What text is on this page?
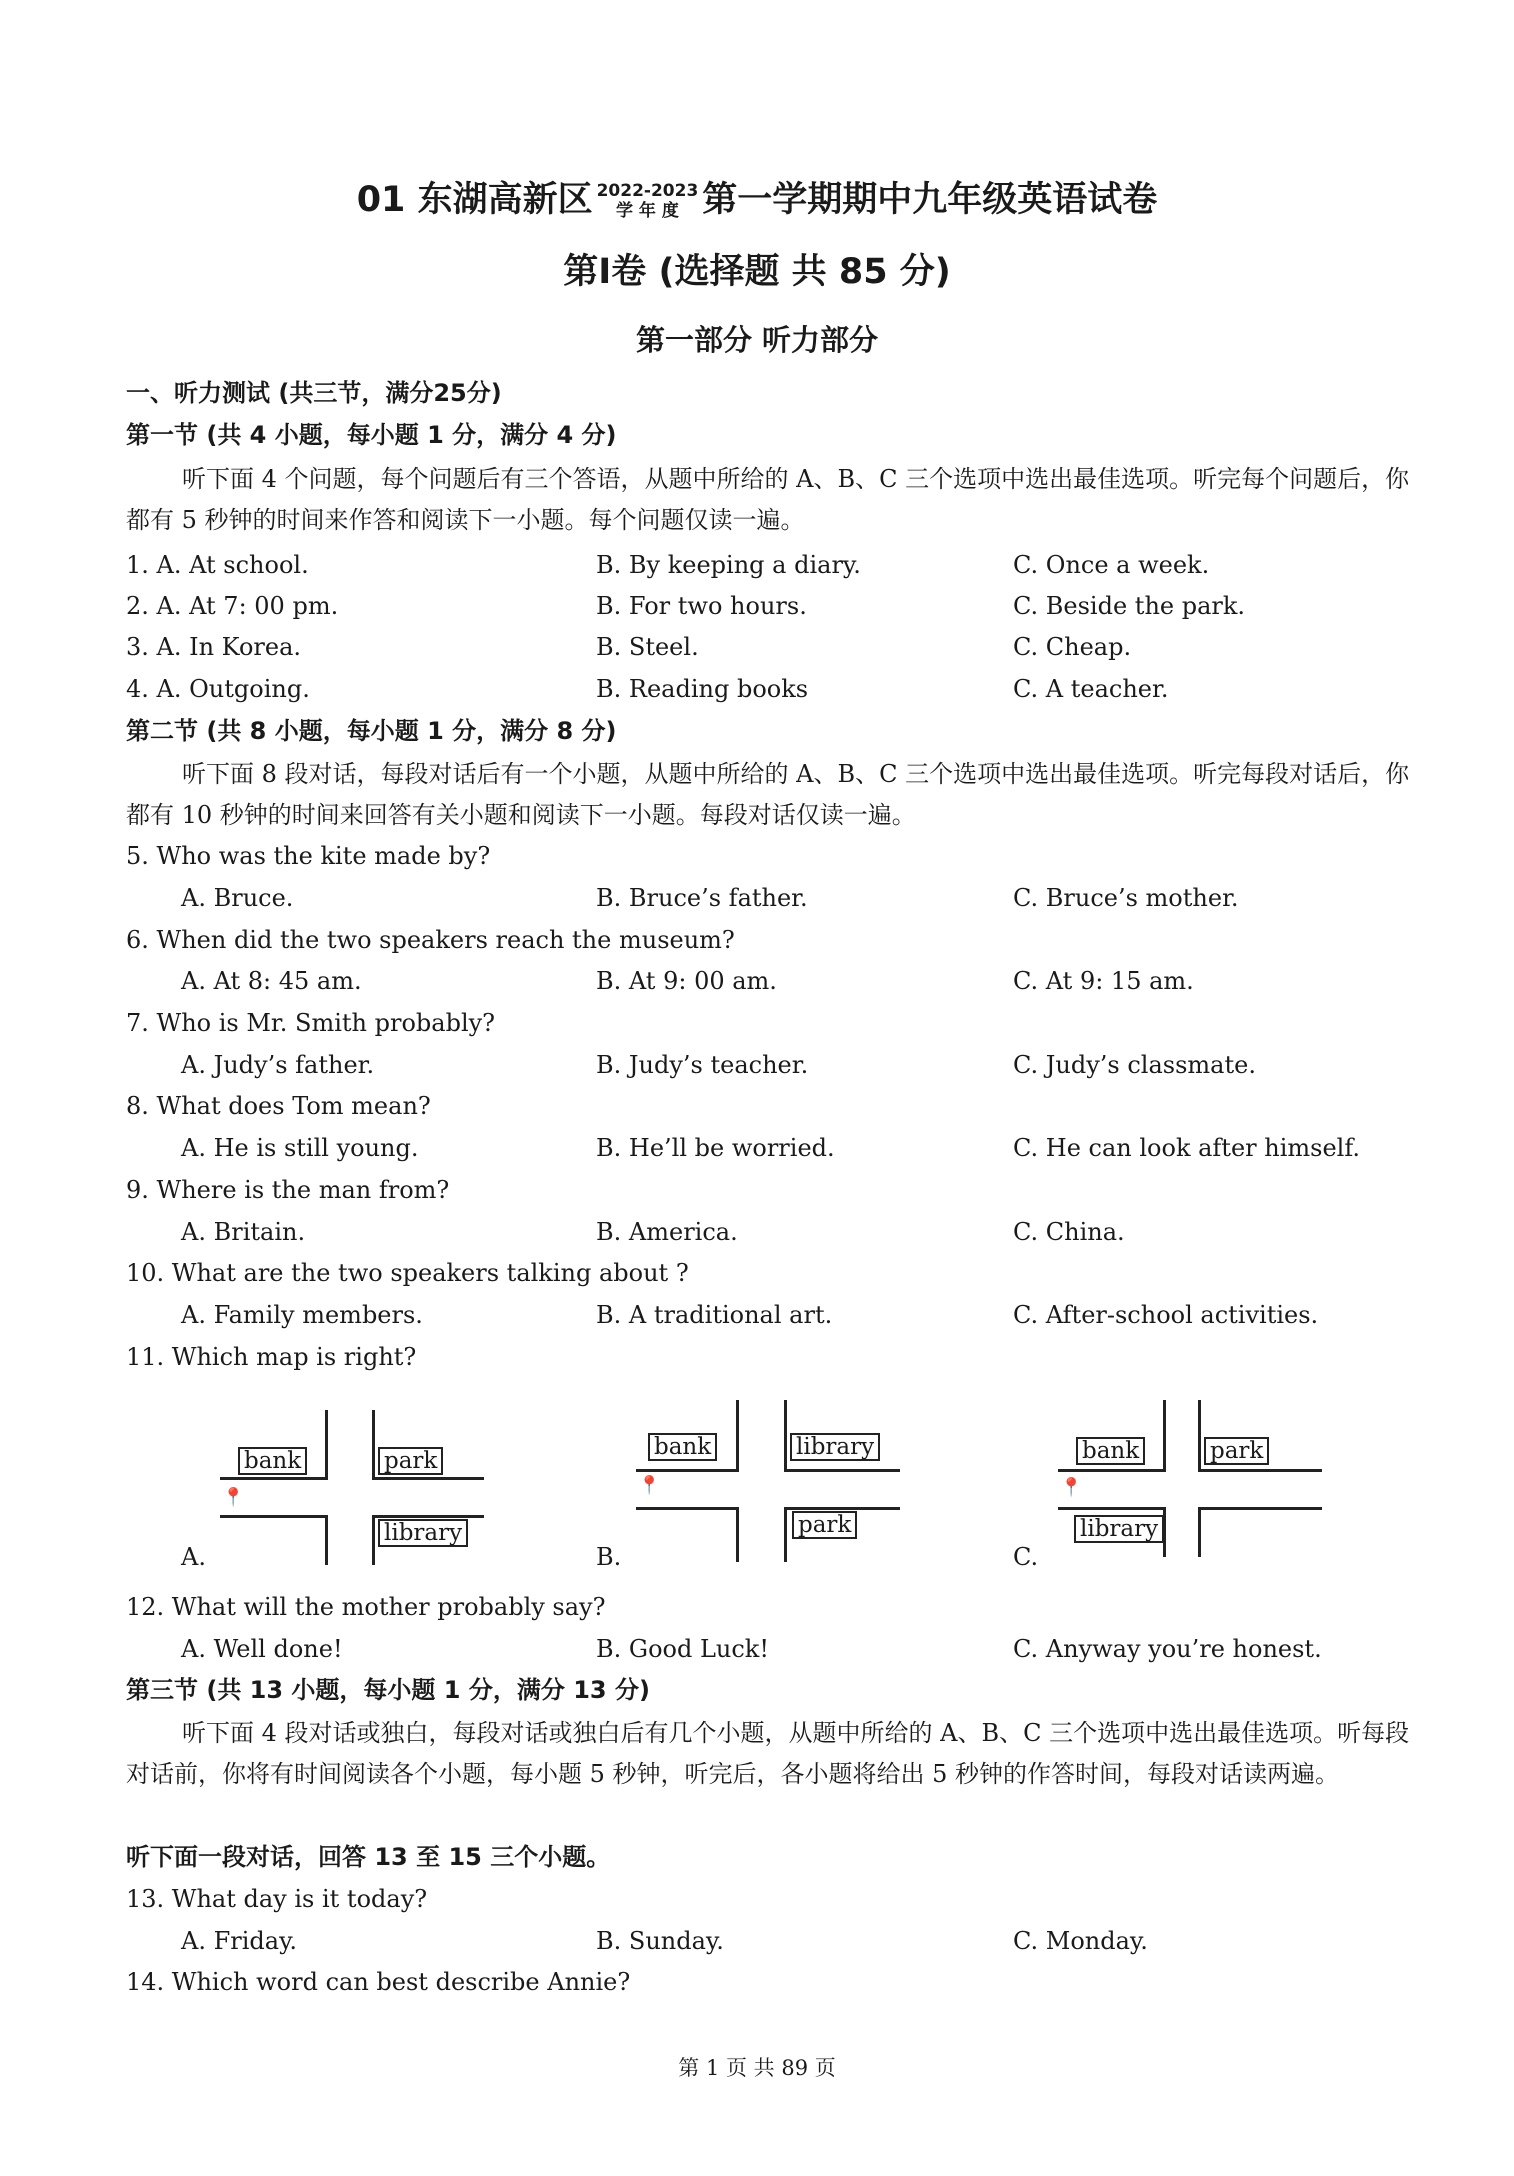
01 东湖高新区 2022-2023
学 年 度 第一学期期中九年级英语试卷
第Ⅰ卷 (选择题 共 85 分)
第一部分 听力部分
一、听力测试 (共三节，满分25分)
第一节 (共 4 小题，每小题 1 分，满分 4 分)
听下面 4 个问题，每个问题后有三个答语，从题中所给的 A、B、C 三个选项中选出最佳选项。听完每个问题后，你都有 5 秒钟的时间来作答和阅读下一小题。每个问题仅读一遍。
1. A. At school.	B. By keeping a diary.	C. Once a week.
2. A. At 7: 00 pm.	B. For two hours.	C. Beside the park.
3. A. In Korea.	B. Steel.	C. Cheap.
4. A. Outgoing.	B. Reading books	C. A teacher.
第二节 (共 8 小题，每小题 1 分，满分 8 分)
听下面 8 段对话，每段对话后有一个小题，从题中所给的 A、B、C 三个选项中选出最佳选项。听完每段对话后，你都有 10 秒钟的时间来回答有关小题和阅读下一小题。每段对话仅读一遍。
5. Who was the kite made by?
A. Bruce.	B. Bruce’s father.	C. Bruce’s mother.
6. When did the two speakers reach the museum?
A. At 8: 45 am.	B. At 9: 00 am.	C. At 9: 15 am.
7. Who is Mr. Smith probably?
A. Judy’s father.	B. Judy’s teacher.	C. Judy’s classmate.
8. What does Tom mean?
A. He is still young.	B. He’ll be worried.	C. He can look after himself.
9. Where is the man from?
A. Britain.	B. America.	C. China.
10. What are the two speakers talking about ?
A. Family members.	B. A traditional art.	C. After-school activities.
11. Which map is right?
A.
bank	park
📍
library
B.
bank	library
📍
park
C.
bank	park
📍
library
12. What will the mother probably say?
A. Well done!	B. Good Luck!	C. Anyway you’re honest.
第三节 (共 13 小题，每小题 1 分，满分 13 分)
听下面 4 段对话或独白，每段对话或独白后有几个小题，从题中所给的 A、B、C 三个选项中选出最佳选项。听每段对话前，你将有时间阅读各个小题，每小题 5 秒钟，听完后，各小题将给出 5 秒钟的作答时间，每段对话读两遍。
听下面一段对话，回答 13 至 15 三个小题。
13. What day is it today?
A. Friday.	B. Sunday.	C. Monday.
14. Which word can best describe Annie?
第 1 页 共 89 页
